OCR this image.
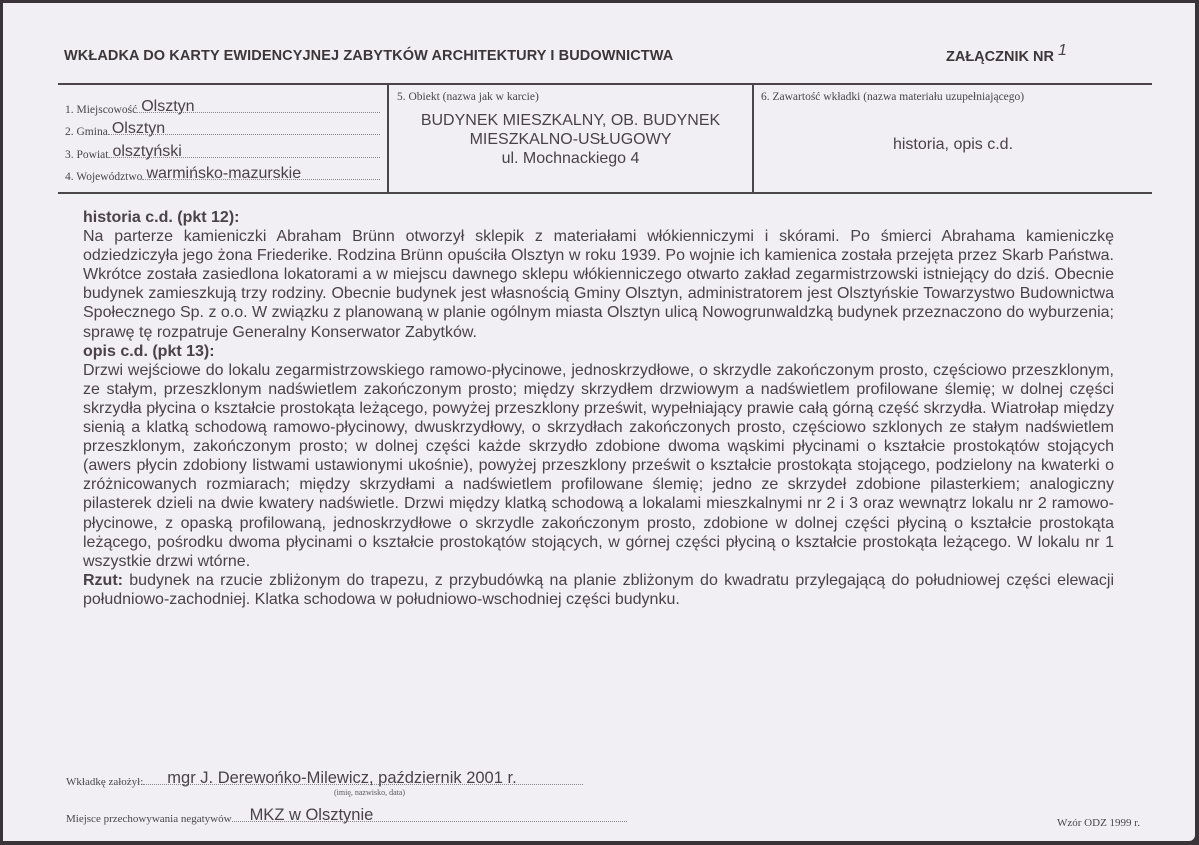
WKŁADKA DO KARTY EWIDENCYJNEJ ZABYTKÓW ARCHITEKTURY I BUDOWNICTWA	ZAŁĄCZNIK NR 1
1. Miejscowość Olsztyn
2. Gmina Olsztyn
3. Powiat olsztyński
4. Województwo warmińsko-mazurskie
5. Obiekt (nazwa jak w karcie)
BUDYNEK MIESZKALNY, OB. BUDYNEK
MIESZKALNO-USŁUGOWY
ul. Mochnackiego 4
6. Zawartość wkładki (nazwa materiału uzupełniającego)
historia, opis c.d.
historia c.d. (pkt 12):

Na parterze kamieniczki Abraham Brünn otworzył sklepik z materiałami włókienniczymi i skórami. Po śmierci Abrahama kamieniczkę odziedziczyła jego żona Friederike. Rodzina Brünn opuściła Olsztyn w roku 1939. Po wojnie ich kamienica została przejęta przez Skarb Państwa. Wkrótce została zasiedlona lokatorami a w miejscu dawnego sklepu włókienniczego otwarto zakład zegarmistrzowski istniejący do dziś. Obecnie budynek zamieszkują trzy rodziny. Obecnie budynek jest własnością Gminy Olsztyn, administratorem jest Olsztyńskie Towarzystwo Budownictwa Społecznego Sp. z o.o. W związku z planowaną w planie ogólnym miasta Olsztyn ulicą Nowogrunwaldzką budynek przeznaczono do wyburzenia; sprawę tę rozpatruje Generalny Konserwator Zabytków.

opis c.d. (pkt 13):

Drzwi wejściowe do lokalu zegarmistrzowskiego ramowo-płycinowe, jednoskrzydłowe, o skrzydle zakończonym prosto, częściowo przeszklonym, ze stałym, przeszklonym nadświetlem zakończonym prosto; między skrzydłem drzwiowym a nadświetlem profilowane ślemię; w dolnej części skrzydła płycina o kształcie prostokąta leżącego, powyżej przeszklony prześwit, wypełniający prawie całą górną część skrzydła. Wiatrołap między sienią a klatką schodową ramowo-płycinowy, dwuskrzydłowy, o skrzydłach zakończonych prosto, częściowo szklonych ze stałym nadświetlem przeszklonym, zakończonym prosto; w dolnej części każde skrzydło zdobione dwoma wąskimi płycinami o kształcie prostokątów stojących (awers płycin zdobiony listwami ustawionymi ukośnie), powyżej przeszklony prześwit o kształcie prostokąta stojącego, podzielony na kwaterki o zróżnicowanych rozmiarach; między skrzydłami a nadświetlem profilowane ślemię; jedno ze skrzydeł zdobione pilasterkiem; analogiczny pilasterek dzieli na dwie kwatery nadświetle. Drzwi między klatką schodową a lokalami mieszkalnymi nr 2 i 3 oraz wewnątrz lokalu nr 2 ramowo-płycinowe, z opaską profilowaną, jednoskrzydłowe o skrzydle zakończonym prosto, zdobione w dolnej części płyciną o kształcie prostokąta leżącego, pośrodku dwoma płycinami o kształcie prostokątów stojących, w górnej części płyciną o kształcie prostokąta leżącego. W lokalu nr 1 wszystkie drzwi wtórne.

Rzut: budynek na rzucie zbliżonym do trapezu, z przybudówką na planie zbliżonym do kwadratu przylegającą do południowej części elewacji południowo-zachodniej. Klatka schodowa w południowo-wschodniej części budynku.

Wkładkę założył: mgr J. Derewońko-Milewicz, październik 2001 r.
(imię, nazwisko, data)
Miejsce przechowywania negatywów MKZ w Olsztynie	Wzór ODZ 1999 r.
